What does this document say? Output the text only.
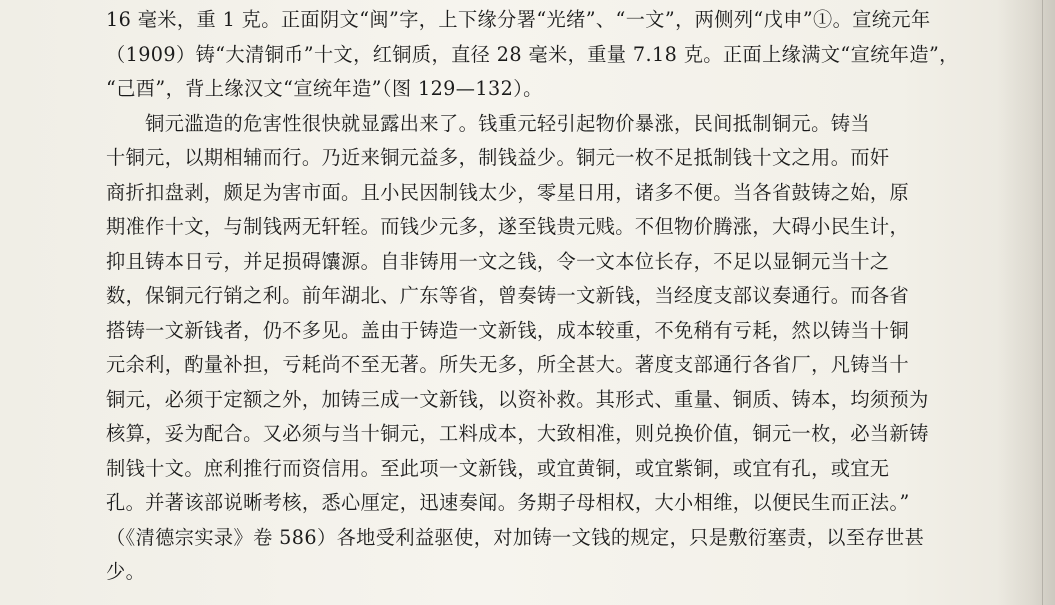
16 毫米，重 1 克。正面阴文“闽”字，上下缘分署“光绪”、“一文”，两侧列“戊申”①。宣统元年
（1909）铸“大清铜币”十文，红铜质，直径 28 毫米，重量 7.18 克。正面上缘满文“宣统年造”，
“己酉”，背上缘汉文“宣统年造”（图 129—132）。
　　铜元滥造的危害性很快就显露出来了。钱重元轻引起物价暴涨，民间抵制铜元。铸当
十铜元，以期相辅而行。乃近来铜元益多，制钱益少。铜元一枚不足抵制钱十文之用。而奸
商折扣盘剥，颇足为害市面。且小民因制钱太少，零星日用，诸多不便。当各省鼓铸之始，原
期准作十文，与制钱两无轩轾。而钱少元多，遂至钱贵元贱。不但物价腾涨，大碍小民生计，
抑且铸本日亏，并足损碍馕源。自非铸用一文之钱，令一文本位长存，不足以显铜元当十之
数，保铜元行销之利。前年湖北、广东等省，曾奏铸一文新钱，当经度支部议奏通行。而各省
搭铸一文新钱者，仍不多见。盖由于铸造一文新钱，成本较重，不免稍有亏耗，然以铸当十铜
元余利，酌量补担，亏耗尚不至无著。所失无多，所全甚大。著度支部通行各省厂，凡铸当十
铜元，必须于定额之外，加铸三成一文新钱，以资补救。其形式、重量、铜质、铸本，均须预为
核算，妥为配合。又必须与当十铜元，工料成本，大致相准，则兑换价值，铜元一枚，必当新铸
制钱十文。庶利推行而资信用。至此项一文新钱，或宜黄铜，或宜紫铜，或宜有孔，或宜无
孔。并著该部说晰考核，悉心厘定，迅速奏闻。务期子母相权，大小相维，以便民生而正法。”
（《清德宗实录》卷 586）各地受利益驱使，对加铸一文钱的规定，只是敷衍塞责，以至存世甚
少。
